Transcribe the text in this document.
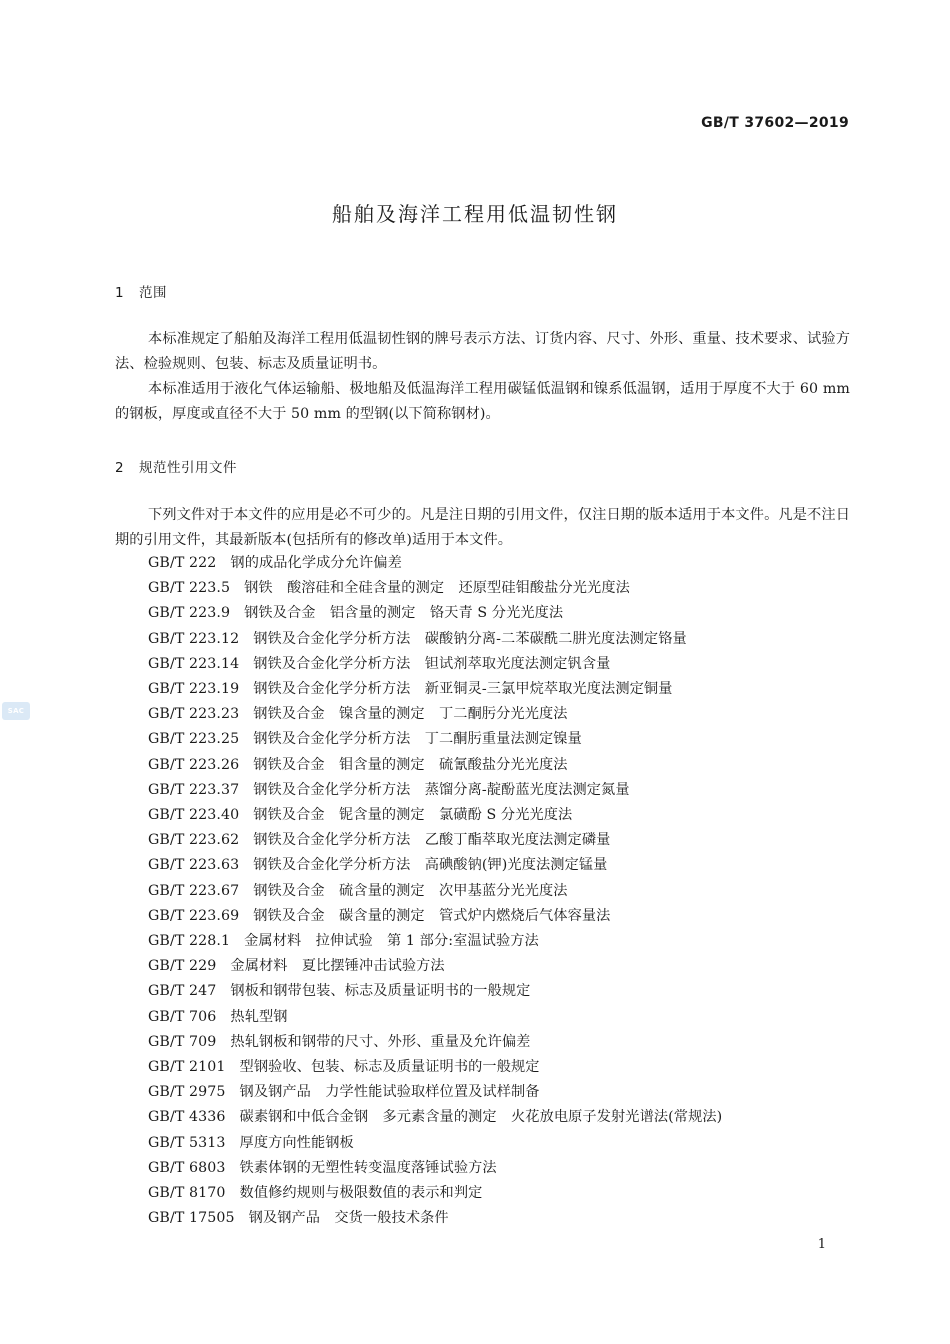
GB/T 37602—2019
船舶及海洋工程用低温韧性钢
1 范围

本标准规定了船舶及海洋工程用低温韧性钢的牌号表示方法、订货内容、尺寸、外形、重量、技术要求、试验方法、检验规则、包装、标志及质量证明书。

本标准适用于液化气体运输船、极地船及低温海洋工程用碳锰低温钢和镍系低温钢，适用于厚度不大于 60 mm 的钢板，厚度或直径不大于 50 mm 的型钢(以下简称钢材)。

2 规范性引用文件

下列文件对于本文件的应用是必不可少的。凡是注日期的引用文件，仅注日期的版本适用于本文件。凡是不注日期的引用文件，其最新版本(包括所有的修改单)适用于本文件。

GB/T 222 钢的成品化学成分允许偏差
GB/T 223.5 钢铁　酸溶硅和全硅含量的测定　还原型硅钼酸盐分光光度法
GB/T 223.9 钢铁及合金　铝含量的测定　铬天青 S 分光光度法
GB/T 223.12 钢铁及合金化学分析方法　碳酸钠分离-二苯碳酰二肼光度法测定铬量
GB/T 223.14 钢铁及合金化学分析方法　钽试剂萃取光度法测定钒含量
GB/T 223.19 钢铁及合金化学分析方法　新亚铜灵-三氯甲烷萃取光度法测定铜量
GB/T 223.23 钢铁及合金　镍含量的测定　丁二酮肟分光光度法
GB/T 223.25 钢铁及合金化学分析方法　丁二酮肟重量法测定镍量
GB/T 223.26 钢铁及合金　钼含量的测定　硫氰酸盐分光光度法
GB/T 223.37 钢铁及合金化学分析方法　蒸馏分离-靛酚蓝光度法测定氮量
GB/T 223.40 钢铁及合金　铌含量的测定　氯磺酚 S 分光光度法
GB/T 223.62 钢铁及合金化学分析方法　乙酸丁酯萃取光度法测定磷量
GB/T 223.63 钢铁及合金化学分析方法　高碘酸钠(钾)光度法测定锰量
GB/T 223.67 钢铁及合金　硫含量的测定　次甲基蓝分光光度法
GB/T 223.69 钢铁及合金　碳含量的测定　管式炉内燃烧后气体容量法
GB/T 228.1 金属材料　拉伸试验　第 1 部分:室温试验方法
GB/T 229 金属材料　夏比摆锤冲击试验方法
GB/T 247 钢板和钢带包装、标志及质量证明书的一般规定
GB/T 706 热轧型钢
GB/T 709 热轧钢板和钢带的尺寸、外形、重量及允许偏差
GB/T 2101 型钢验收、包装、标志及质量证明书的一般规定
GB/T 2975 钢及钢产品　力学性能试验取样位置及试样制备
GB/T 4336 碳素钢和中低合金钢　多元素含量的测定　火花放电原子发射光谱法(常规法)
GB/T 5313 厚度方向性能钢板
GB/T 6803 铁素体钢的无塑性转变温度落锤试验方法
GB/T 8170 数值修约规则与极限数值的表示和判定
GB/T 17505 钢及钢产品　交货一般技术条件
1
SAC
